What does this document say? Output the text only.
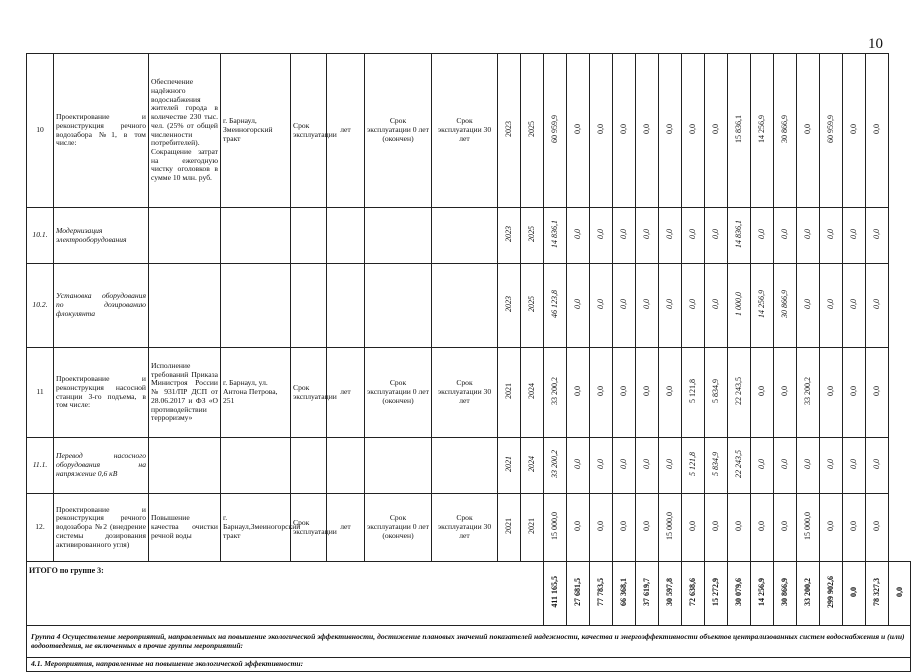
10
10	Проектирование и реконструкция речного водозабора №1, в том числе:	Обеспечение надёжного водоснабжения жителей города в количестве 230 тыс. чел. (25% от общей численности потребителей). Сокращение затрат на ежегодную чистку оголовков в сумме 10 млн. руб.	г. Барнаул, Змеиногорский тракт	Срок эксплуатации	лет	Срок эксплуатации 0 лет (окончен)	Срок эксплуатации 30 лет	2023	2025	60 959,9	0,0	0,0	0,0	0,0	0,0	0,0	0,0	15 836,1	14 256,9	30 866,9	0,0	60 959,9	0,0	0,0	
10.1.	Модернизация электрооборудования							2023	2025	14 836,1	0,0	0,0	0,0	0,0	0,0	0,0	0,0	14 836,1	0,0	0,0	0,0	0,0	0,0	0,0	
10.2.	Установка оборудования по дозированию флокулянта							2023	2025	46 123,8	0,0	0,0	0,0	0,0	0,0	0,0	0,0	1 000,0	14 256,9	30 866,9	0,0	0,0	0,0	0,0	
11	Проектирование и реконструкция насосной станции 3-го подъема, в том числе:	Исполнение требований Приказа Министроя России № 931/ПР ДСП от 28.06.2017 и ФЗ «О противодействии терроризму»	г. Барнаул, ул. Антона Петрова, 251	Срок эксплуатации	лет	Срок эксплуатации 0 лет (окончен)	Срок эксплуатации 30 лет	2021	2024	33 200,2	0,0	0,0	0,0	0,0	0,0	5 121,8	5 834,9	22 243,5	0,0	0,0	33 200,2	0,0	0,0	0,0	
11.1.	Перевод насосного оборудования на напряжение 0,6 кВ							2021	2024	33 200,2	0,0	0,0	0,0	0,0	0,0	5 121,8	5 834,9	22 243,5	0,0	0,0	0,0	0,0	0,0	0,0	
12.	Проектирование и реконструкция речного водозабора №2 (внедрение системы дозирования активированного угля)	Повышение качества очистки речной воды	г. Барнаул,Змеиногорский тракт	Срок эксплуатации	лет	Срок эксплуатации 0 лет (окончен)	Срок эксплуатации 30 лет	2021	2021	15 000,0	0,0	0,0	0,0	0,0	15 000,0	0,0	0,0	0,0	0,0	0,0	15 000,0	0,0	0,0	0,0	
ИТОГО по группе 3:										411 165,5	27 681,5	77 783,5	66 368,1	37 619,7	30 597,8	72 638,6	15 272,9	30 079,6	14 256,9	30 866,9	33 200,2	299 902,6	0,0	78 327,3	0,0
Группа 4 Осуществление мероприятий, направленных на повышение экологической эффективности, достижение плановых значений показателей надежности, качества и энергоэффективности объектов централизованных систем водоснабжения и (или) водоотведения, не включенных в прочие группы мероприятий:																									
4.1. Мероприятия, направленные на повышение экологической эффективности:																									
